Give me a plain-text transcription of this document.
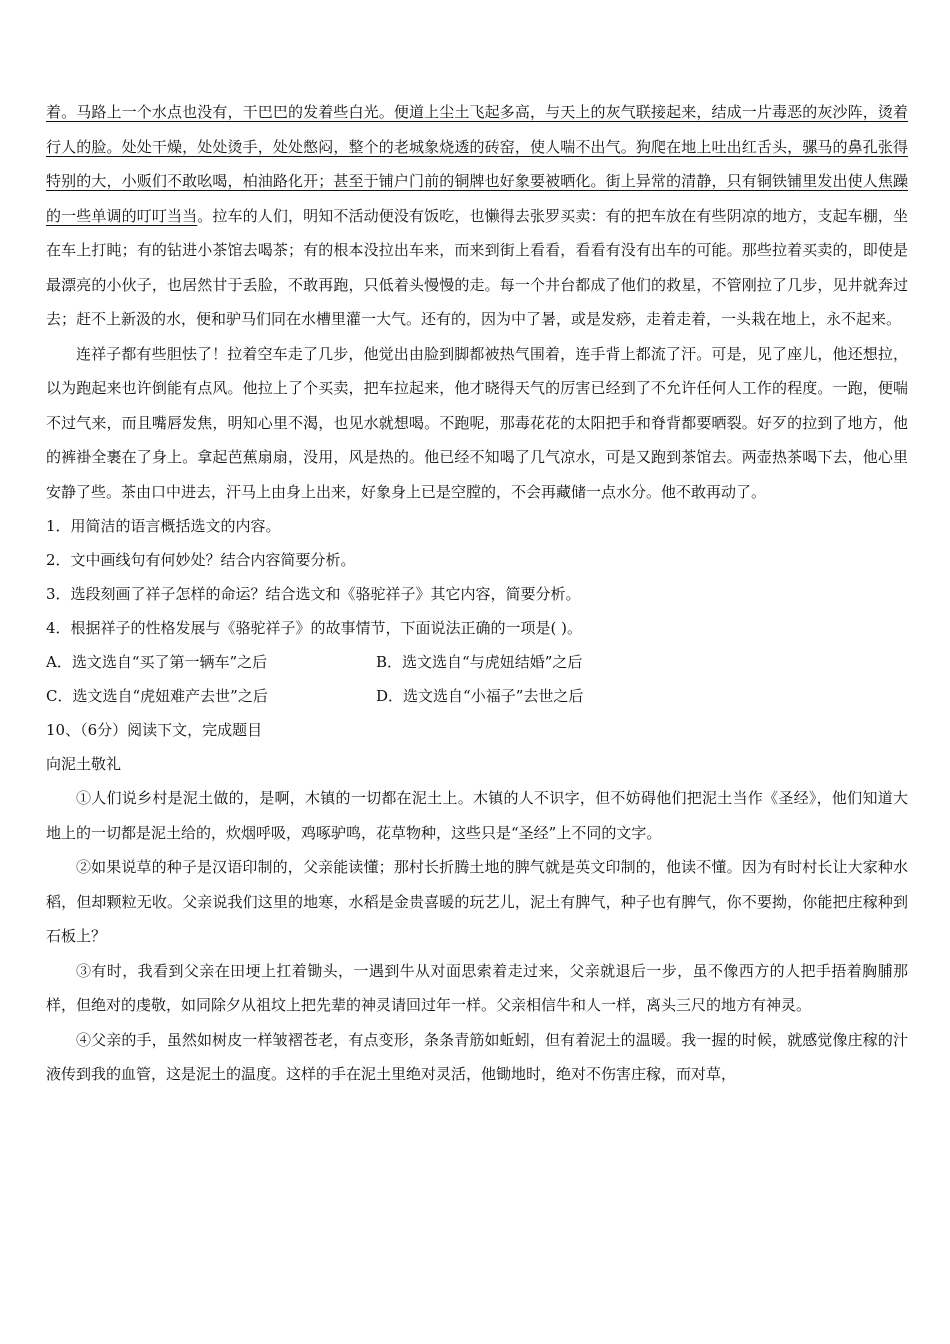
着。马路上一个水点也没有，干巴巴的发着些白光。便道上尘土飞起多高，与天上的灰气联接起来，结成一片毒恶的灰沙阵，烫着行人的脸。处处干燥，处处烫手，处处憋闷，整个的老城象烧透的砖窑，使人喘不出气。狗爬在地上吐出红舌头，骡马的鼻孔张得特别的大，小贩们不敢吆喝，柏油路化开；甚至于铺户门前的铜牌也好象要被晒化。街上异常的清静，只有铜铁铺里发出使人焦躁的一些单调的叮叮当当。拉车的人们，明知不活动便没有饭吃，也懒得去张罗买卖：有的把车放在有些阴凉的地方，支起车棚，坐在车上打盹；有的钻进小茶馆去喝茶；有的根本没拉出车来，而来到街上看看，看看有没有出车的可能。那些拉着买卖的，即使是最漂亮的小伙子，也居然甘于丢脸，不敢再跑，只低着头慢慢的走。每一个井台都成了他们的救星，不管刚拉了几步，见井就奔过去；赶不上新汲的水，便和驴马们同在水槽里灌一大气。还有的，因为中了暑，或是发痧，走着走着，一头栽在地上，永不起来。

连祥子都有些胆怯了！拉着空车走了几步，他觉出由脸到脚都被热气围着，连手背上都流了汗。可是，见了座儿，他还想拉，以为跑起来也许倒能有点风。他拉上了个买卖，把车拉起来，他才晓得天气的厉害已经到了不允许任何人工作的程度。一跑，便喘不过气来，而且嘴唇发焦，明知心里不渴，也见水就想喝。不跑呢，那毒花花的太阳把手和脊背都要晒裂。好歹的拉到了地方，他的裤褂全裹在了身上。拿起芭蕉扇扇，没用，风是热的。他已经不知喝了几气凉水，可是又跑到茶馆去。两壶热茶喝下去，他心里安静了些。茶由口中进去，汗马上由身上出来，好象身上已是空膛的，不会再藏储一点水分。他不敢再动了。

1．用简洁的语言概括选文的内容。

2．文中画线句有何妙处？结合内容简要分析。

3．选段刻画了祥子怎样的命运？结合选文和《骆驼祥子》其它内容，简要分析。

4．根据祥子的性格发展与《骆驼祥子》的故事情节，下面说法正确的一项是( )。

A．选文选自“买了第一辆车”之后	B．选文选自“与虎妞结婚”之后
C．选文选自“虎妞难产去世”之后	D．选文选自“小福子”去世之后

10、（6分）阅读下文，完成题目

向泥土敬礼

①人们说乡村是泥土做的，是啊，木镇的一切都在泥土上。木镇的人不识字，但不妨碍他们把泥土当作《圣经》，他们知道大地上的一切都是泥土给的，炊烟呼吸，鸡啄驴鸣，花草物种，这些只是“圣经”上不同的文字。

②如果说草的种子是汉语印制的，父亲能读懂；那村长折腾土地的脾气就是英文印制的，他读不懂。因为有时村长让大家种水稻，但却颗粒无收。父亲说我们这里的地寒，水稻是金贵喜暖的玩艺儿，泥土有脾气，种子也有脾气，你不要拗，你能把庄稼种到石板上？

③有时，我看到父亲在田埂上扛着锄头，一遇到牛从对面思索着走过来，父亲就退后一步，虽不像西方的人把手捂着胸脯那样，但绝对的虔敬，如同除夕从祖坟上把先辈的神灵请回过年一样。父亲相信牛和人一样，离头三尺的地方有神灵。

④父亲的手，虽然如树皮一样皱褶苍老，有点变形，条条青筋如蚯蚓，但有着泥土的温暖。我一握的时候，就感觉像庄稼的汁液传到我的血管，这是泥土的温度。这样的手在泥土里绝对灵活，他锄地时，绝对不伤害庄稼，而对草，
